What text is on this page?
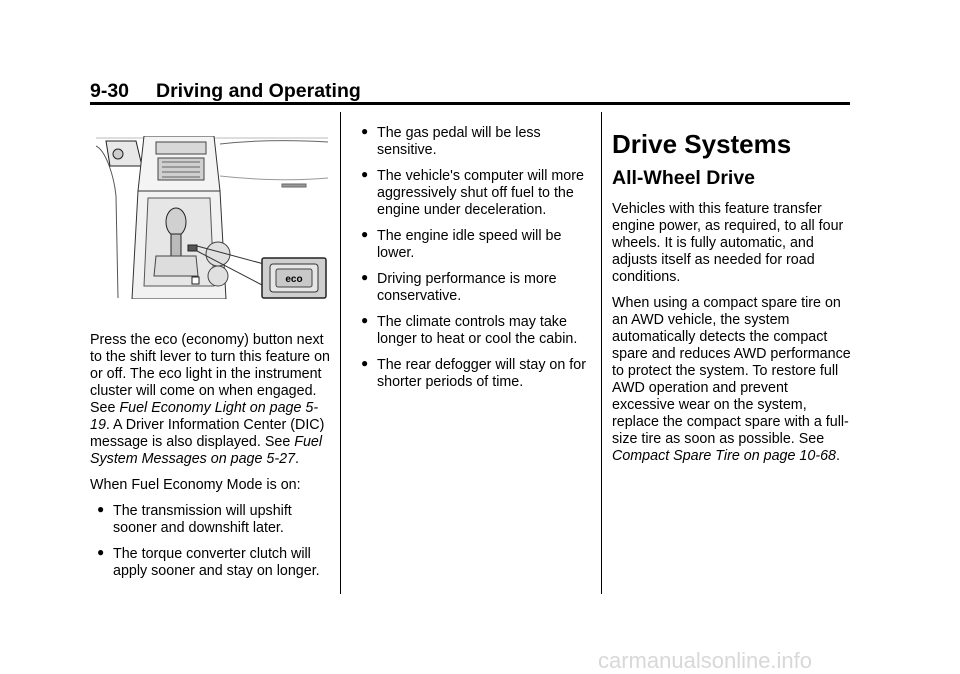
9-30 Driving and Operating
eco

Press the eco (economy) button next to the shift lever to turn this feature on or off. The eco light in the instrument cluster will come on when engaged. See Fuel Economy Light on page 5-19. A Driver Information Center (DIC) message is also displayed. See Fuel System Messages on page 5-27.

When Fuel Economy Mode is on:

● The transmission will upshift sooner and downshift later.
● The torque converter clutch will apply sooner and stay on longer.
● The gas pedal will be less sensitive.
● The vehicle's computer will more aggressively shut off fuel to the engine under deceleration.
● The engine idle speed will be lower.
● Driving performance is more conservative.
● The climate controls may take longer to heat or cool the cabin.
● The rear defogger will stay on for shorter periods of time.
Drive Systems
All-Wheel Drive

Vehicles with this feature transfer engine power, as required, to all four wheels. It is fully automatic, and adjusts itself as needed for road conditions.

When using a compact spare tire on an AWD vehicle, the system automatically detects the compact spare and reduces AWD performance to protect the system. To restore full AWD operation and prevent excessive wear on the system, replace the compact spare with a full-size tire as soon as possible. See Compact Spare Tire on page 10-68.

carmanualsonline.info
